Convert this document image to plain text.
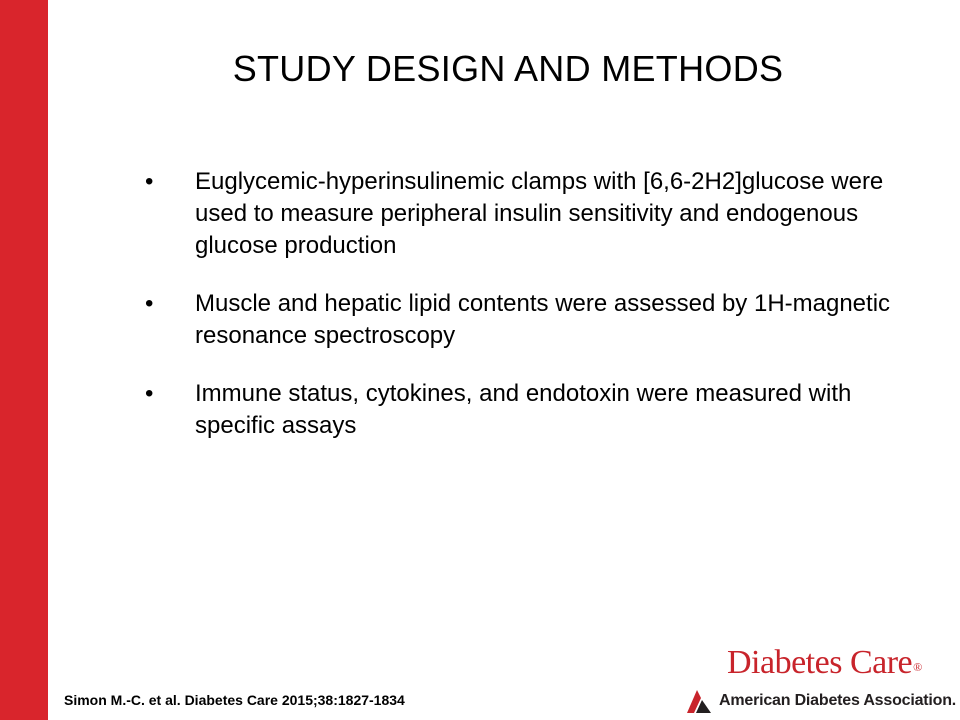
STUDY DESIGN AND METHODS
• Euglycemic-hyperinsulinemic clamps with [6,6-2H2]glucose were used to measure peripheral insulin sensitivity and endogenous glucose production
• Muscle and hepatic lipid contents were assessed by 1H-magnetic resonance spectroscopy
• Immune status, cytokines, and endotoxin were measured with specific assays
Simon M.-C. et al. Diabetes Care 2015;38:1827-1834
Diabetes Care®
American Diabetes Association.
